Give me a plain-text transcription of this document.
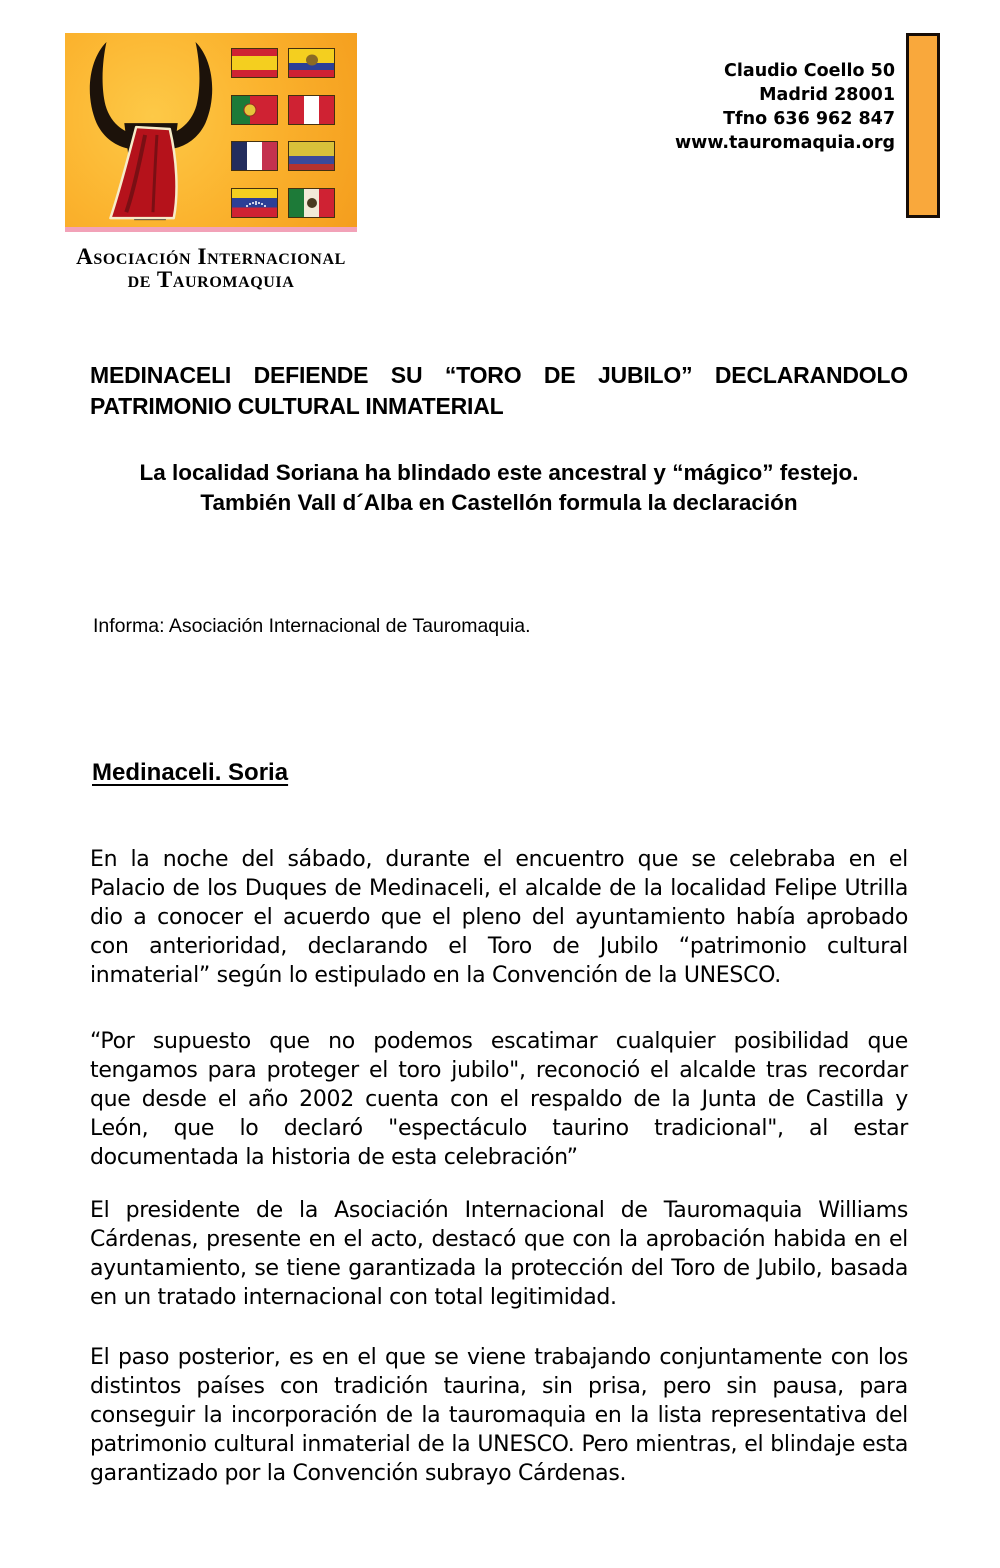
Asociación Internacional
de Tauromaquia
Claudio Coello 50
Madrid 28001
Tfno 636 962 847
www.tauromaquia.org
MEDINACELI DEFIENDE SU “TORO DE JUBILO” DECLARANDOLO
PATRIMONIO CULTURAL INMATERIAL
La localidad Soriana ha blindado este ancestral y “mágico” festejo.
También Vall d´Alba en Castellón formula la declaración

Informa: Asociación Internacional de Tauromaquia.

Medinaceli. Soria

En la noche del sábado, durante el encuentro que se celebraba en el Palacio de los Duques de Medinaceli, el alcalde de la localidad Felipe Utrilla dio a conocer el acuerdo que el pleno del ayuntamiento había aprobado con anterioridad, declarando el Toro de Jubilo “patrimonio cultural inmaterial” según lo estipulado en la Convención de la UNESCO.

“Por supuesto que no podemos escatimar cualquier posibilidad que tengamos para proteger el toro jubilo", reconoció el alcalde tras recordar que desde el año 2002 cuenta con el respaldo de la Junta de Castilla y León, que lo declaró "espectáculo taurino tradicional", al estar documentada la historia de esta celebración”

El presidente de la Asociación Internacional de Tauromaquia Williams Cárdenas, presente en el acto, destacó que con la aprobación habida en el ayuntamiento, se tiene garantizada la protección del Toro de Jubilo, basada en un tratado internacional con total legitimidad.

El paso posterior, es en el que se viene trabajando conjuntamente con los distintos países con tradición taurina, sin prisa, pero sin pausa, para conseguir la incorporación de la tauromaquia en la lista representativa del patrimonio cultural inmaterial de la UNESCO. Pero mientras, el blindaje esta garantizado por la Convención subrayo Cárdenas.
